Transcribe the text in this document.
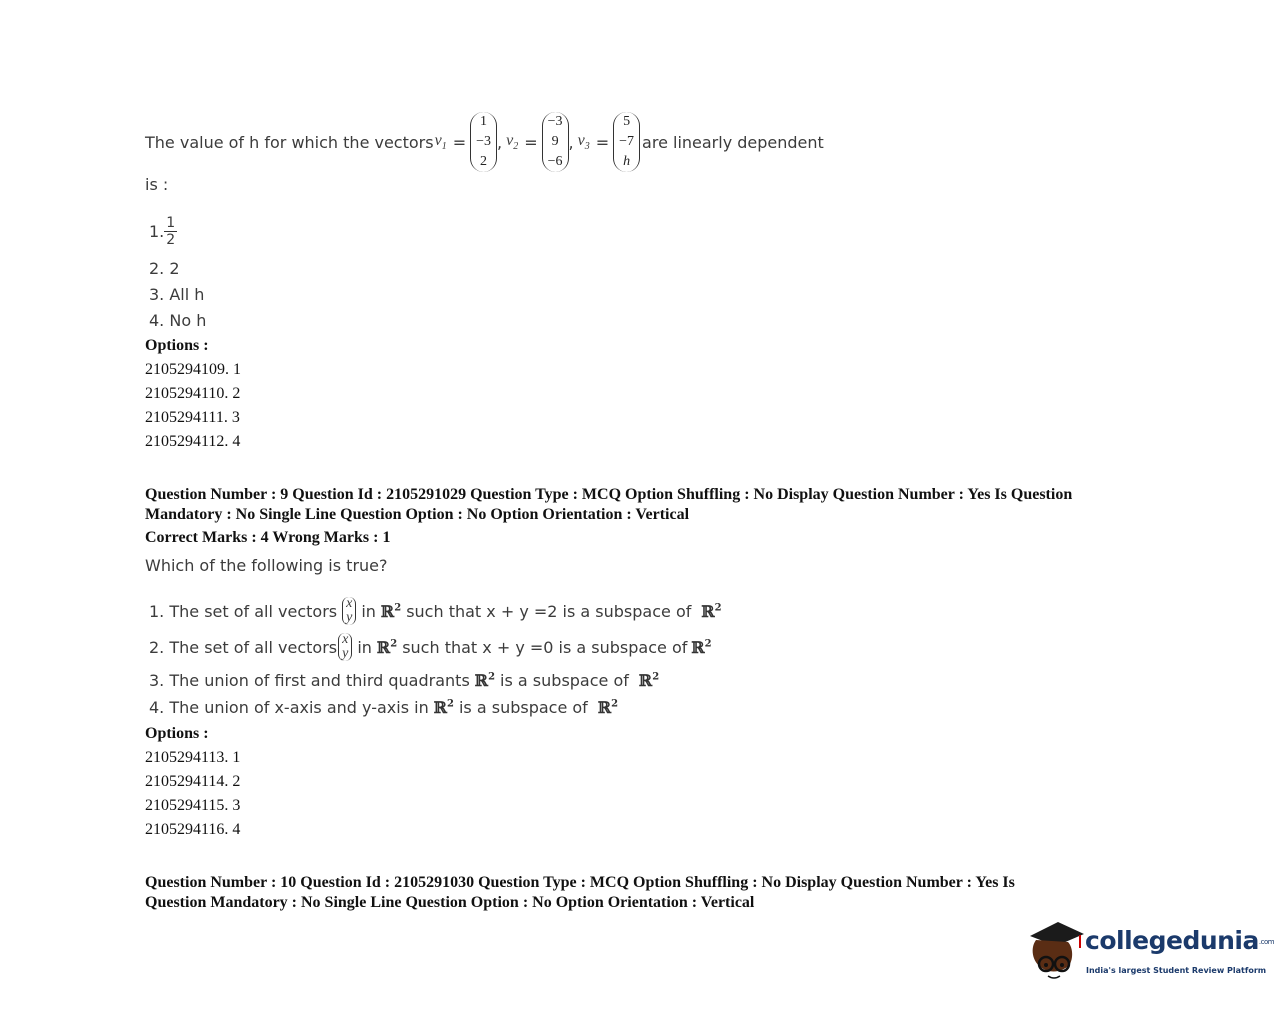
The value of h for which the vectors $v_1$ =
1
−3
2
, $v_2$ =
−3
9
−6
, $v_3$ =
5
−7
h
are linearly dependent
is :
1. $\frac{1}{2}$
2. 2
3. All h
4. No h
Options :
2105294109. 1
2105294110. 2
2105294111. 3
2105294112. 4
Question Number : 9 Question Id : 2105291029 Question Type : MCQ Option Shuffling : No Display Question Number : Yes Is Question
Mandatory : No Single Line Question Option : No Option Orientation : Vertical
Correct Marks : 4 Wrong Marks : 1
Which of the following is true?
1. The set of all vectors x
y in ℝ$^2$ such that x + y =2 is a subspace of ℝ$^2$
2. The set of all vectors x
y in ℝ$^2$ such that x + y =0 is a subspace of ℝ$^2$
3. The union of first and third quadrants ℝ$^2$ is a subspace of ℝ$^2$
4. The union of x-axis and y-axis in ℝ$^2$ is a subspace of ℝ$^2$
Options :
2105294113. 1
2105294114. 2
2105294115. 3
2105294116. 4
Question Number : 10 Question Id : 2105291030 Question Type : MCQ Option Shuffling : No Display Question Number : Yes Is
Question Mandatory : No Single Line Question Option : No Option Orientation : Vertical
collegedunia.com
India's largest Student Review Platform
